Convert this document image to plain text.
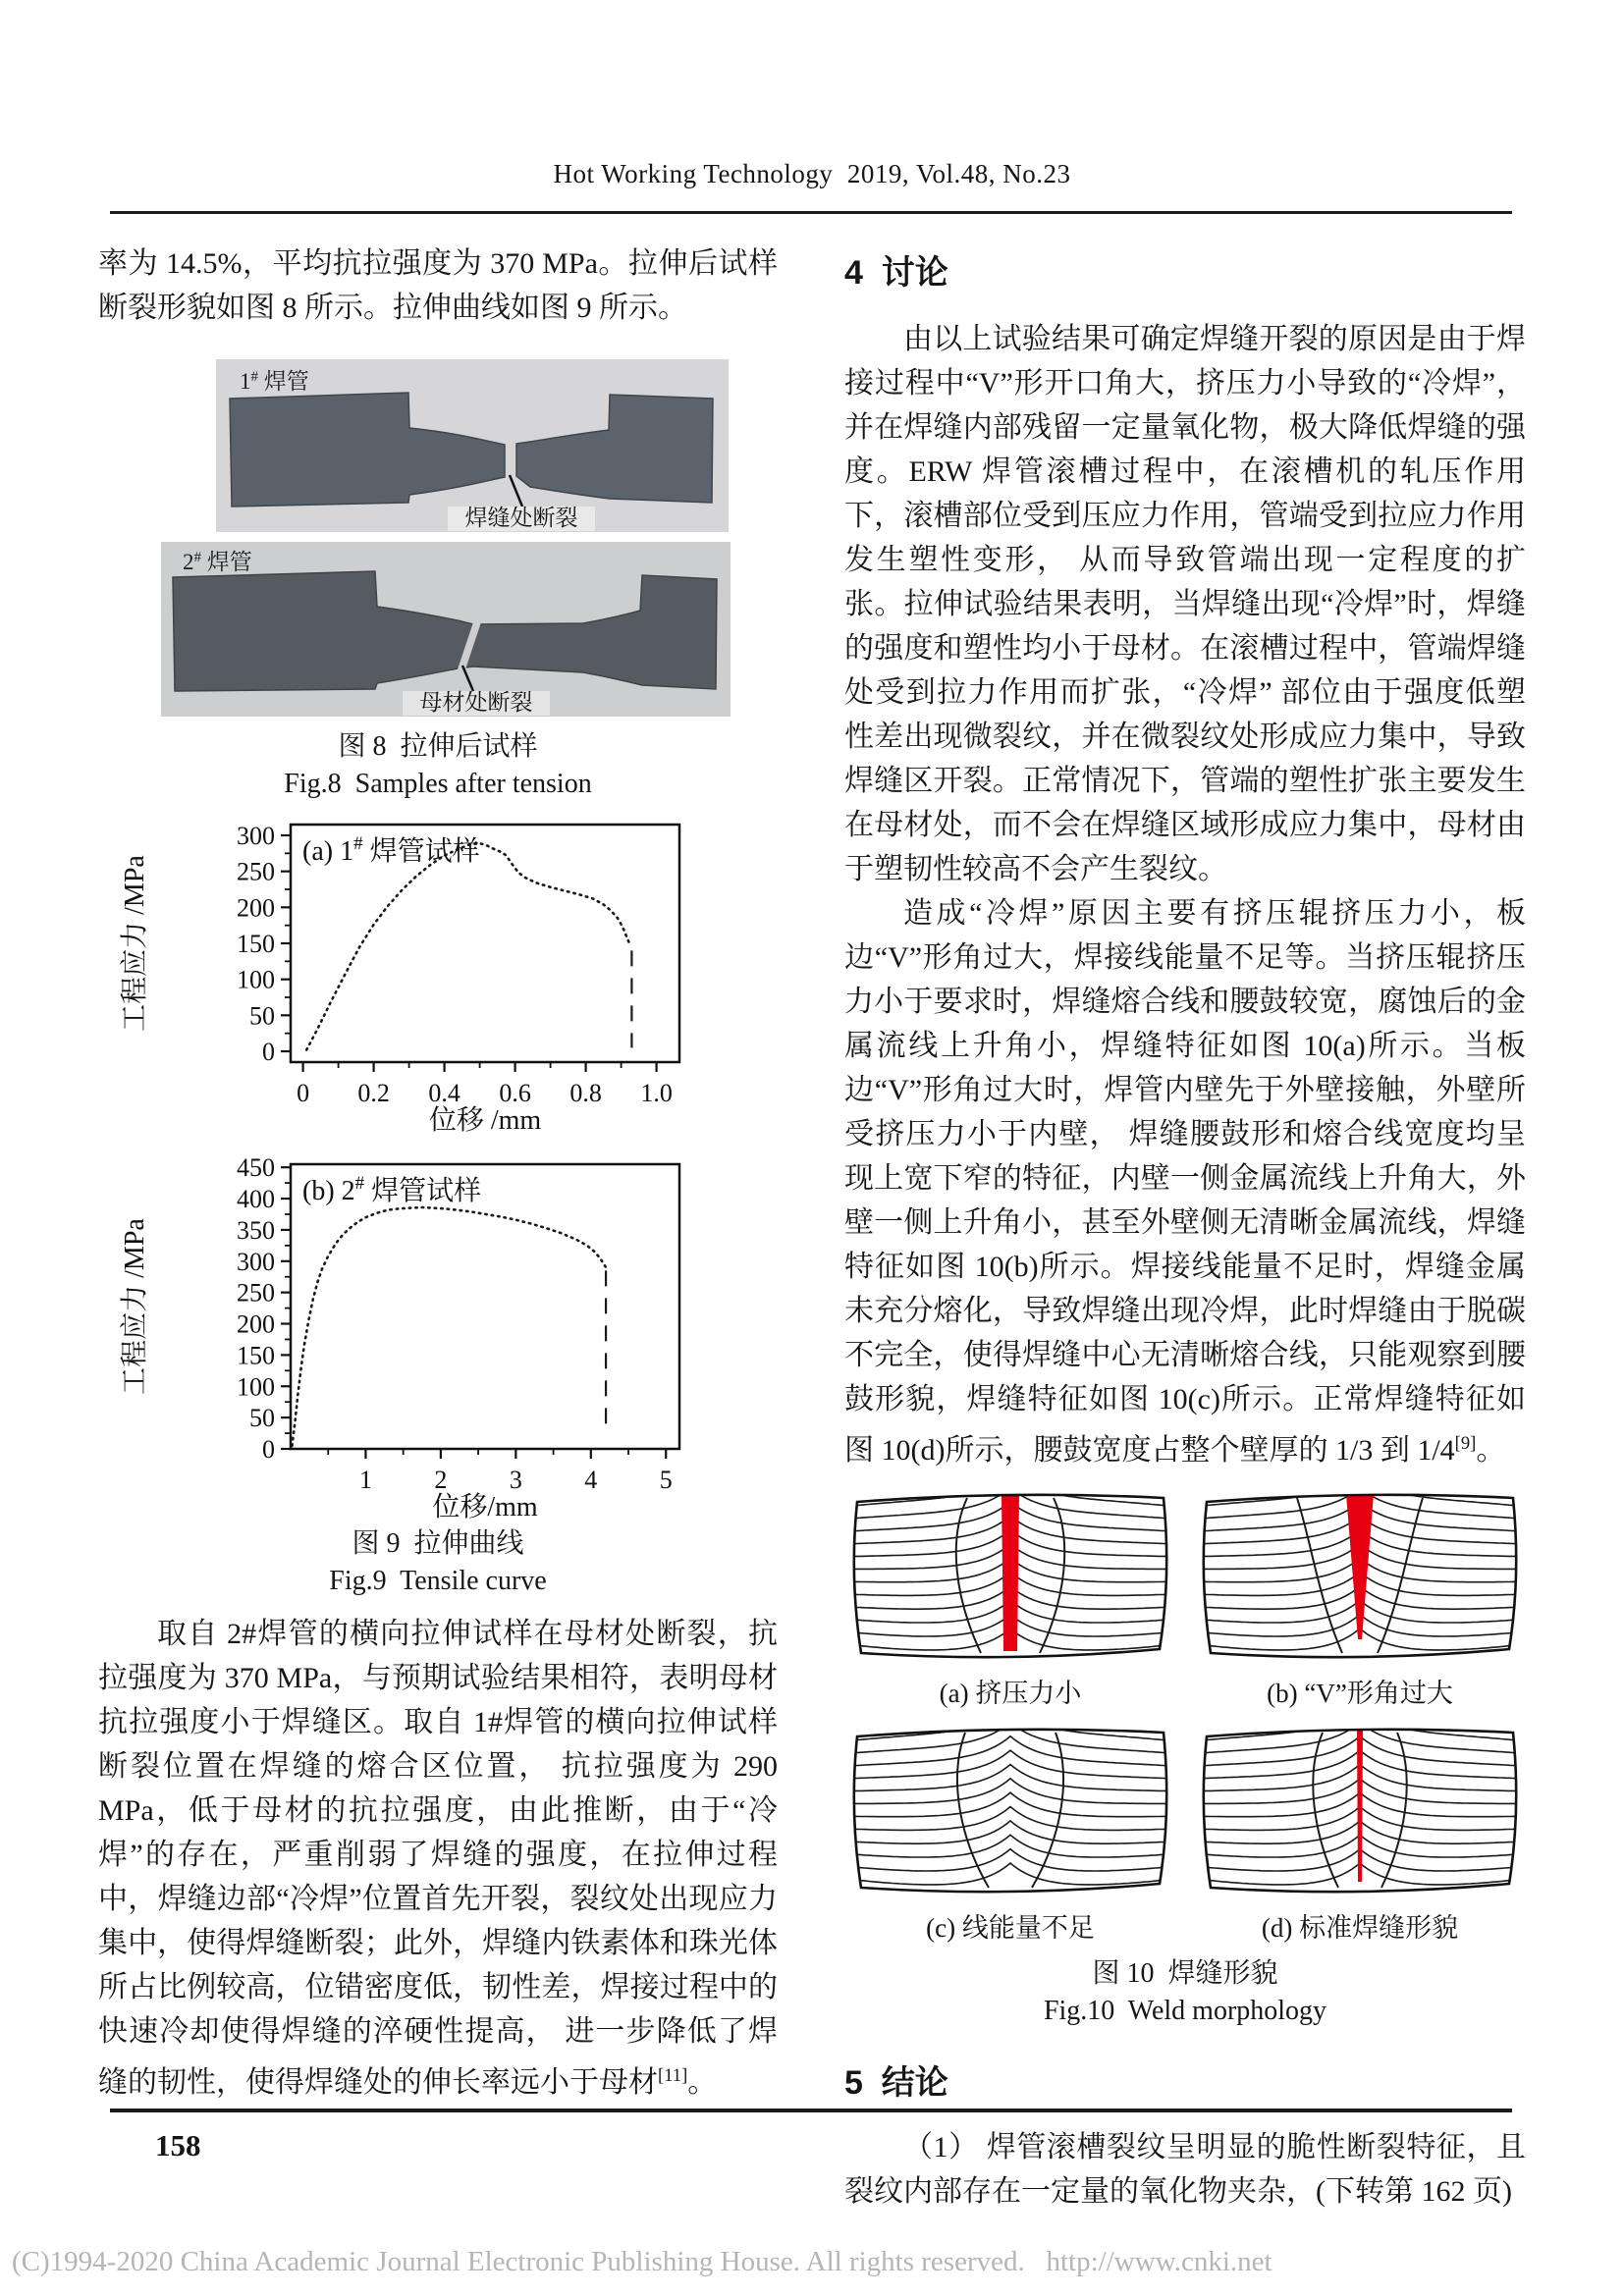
Hot Working Technology  2019, Vol.48, No.23

率为 14.5%，平均抗拉强度为 370 MPa。拉伸后试样断裂形貌如图 8 所示。拉伸曲线如图 9 所示。

1# 焊管
焊缝处断裂
2# 焊管
母材处断裂
图 8  拉伸后试样
Fig.8  Samples after tension
0 0.2 0.4 0.6 0.8 1.0
0
50
100
150
200
250
300
(a) 1# 焊管试样
位移 /mm
工程应力 /MPa
1 2 3 4 5
0
50
100
150
200
250
300
350
400
450
(b) 2# 焊管试样
位移/mm
工程应力 /MPa
图 9  拉伸曲线
Fig.9  Tensile curve

取自 2#焊管的横向拉伸试样在母材处断裂，抗拉强度为 370 MPa，与预期试验结果相符，表明母材抗拉强度小于焊缝区。取自 1#焊管的横向拉伸试样断裂位置在焊缝的熔合区位置， 抗拉强度为 290 MPa，低于母材的抗拉强度，由此推断，由于“冷焊”的存在，严重削弱了焊缝的强度，在拉伸过程中，焊缝边部“冷焊”位置首先开裂，裂纹处出现应力集中，使得焊缝断裂；此外，焊缝内铁素体和珠光体所占比例较高，位错密度低，韧性差，焊接过程中的快速冷却使得焊缝的淬硬性提高， 进一步降低了焊缝的韧性，使得焊缝处的伸长率远小于母材[11]。

4  讨论

由以上试验结果可确定焊缝开裂的原因是由于焊接过程中“V”形开口角大，挤压力小导致的“冷焊”，并在焊缝内部残留一定量氧化物，极大降低焊缝的强度。ERW 焊管滚槽过程中，在滚槽机的轧压作用下，滚槽部位受到压应力作用，管端受到拉应力作用发生塑性变形， 从而导致管端出现一定程度的扩张。拉伸试验结果表明，当焊缝出现“冷焊”时，焊缝的强度和塑性均小于母材。在滚槽过程中，管端焊缝处受到拉力作用而扩张，“冷焊” 部位由于强度低塑性差出现微裂纹，并在微裂纹处形成应力集中，导致焊缝区开裂。正常情况下，管端的塑性扩张主要发生在母材处，而不会在焊缝区域形成应力集中，母材由于塑韧性较高不会产生裂纹。

造成“冷焊”原因主要有挤压辊挤压力小，板边“V”形角过大，焊接线能量不足等。当挤压辊挤压力小于要求时，焊缝熔合线和腰鼓较宽，腐蚀后的金属流线上升角小，焊缝特征如图 10(a)所示。当板边“V”形角过大时，焊管内壁先于外壁接触，外壁所受挤压力小于内壁， 焊缝腰鼓形和熔合线宽度均呈现上宽下窄的特征，内壁一侧金属流线上升角大，外壁一侧上升角小，甚至外壁侧无清晰金属流线，焊缝特征如图 10(b)所示。焊接线能量不足时，焊缝金属未充分熔化，导致焊缝出现冷焊，此时焊缝由于脱碳不完全，使得焊缝中心无清晰熔合线，只能观察到腰鼓形貌，焊缝特征如图 10(c)所示。正常焊缝特征如图 10(d)所示，腰鼓宽度占整个壁厚的 1/3 到 1/4[9]。

(a) 挤压力小	(b) “V”形角过大
(c) 线能量不足	(d) 标准焊缝形貌
图 10  焊缝形貌
Fig.10  Weld morphology
5  结论

（1） 焊管滚槽裂纹呈明显的脆性断裂特征，且裂纹内部存在一定量的氧化物夹杂，(下转第 162 页)

158
(C)1994-2020 China Academic Journal Electronic Publishing House. All rights reserved.   http://www.cnki.net
